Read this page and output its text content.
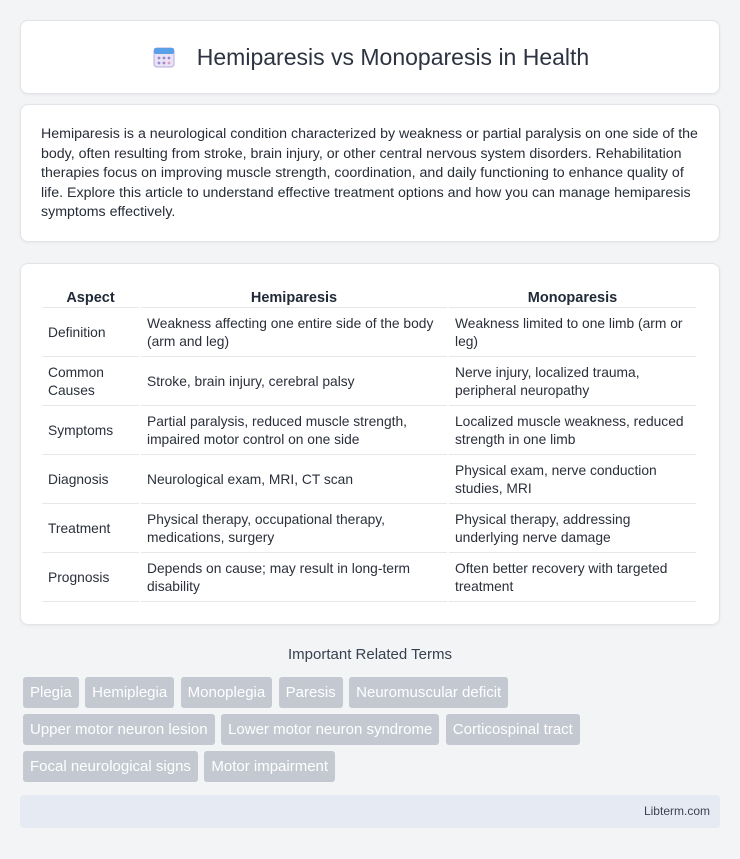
Hemiparesis vs Monoparesis in Health

Hemiparesis is a neurological condition characterized by weakness or partial paralysis on one side of the body, often resulting from stroke, brain injury, or other central nervous system disorders. Rehabilitation therapies focus on improving muscle strength, coordination, and daily functioning to enhance quality of life. Explore this article to understand effective treatment options and how you can manage hemiparesis symptoms effectively.

Aspect	Hemiparesis	Monoparesis
Definition	Weakness affecting one entire side of the body (arm and leg)	Weakness limited to one limb (arm or leg)
Common Causes	Stroke, brain injury, cerebral palsy	Nerve injury, localized trauma, peripheral neuropathy
Symptoms	Partial paralysis, reduced muscle strength, impaired motor control on one side	Localized muscle weakness, reduced strength in one limb
Diagnosis	Neurological exam, MRI, CT scan	Physical exam, nerve conduction studies, MRI
Treatment	Physical therapy, occupational therapy, medications, surgery	Physical therapy, addressing underlying nerve damage
Prognosis	Depends on cause; may result in long-term disability	Often better recovery with targeted treatment
Important Related Terms
Plegia Hemiplegia Monoplegia Paresis Neuromuscular deficit
Upper motor neuron lesion Lower motor neuron syndrome Corticospinal tract
Focal neurological signs Motor impairment
Libterm.com
